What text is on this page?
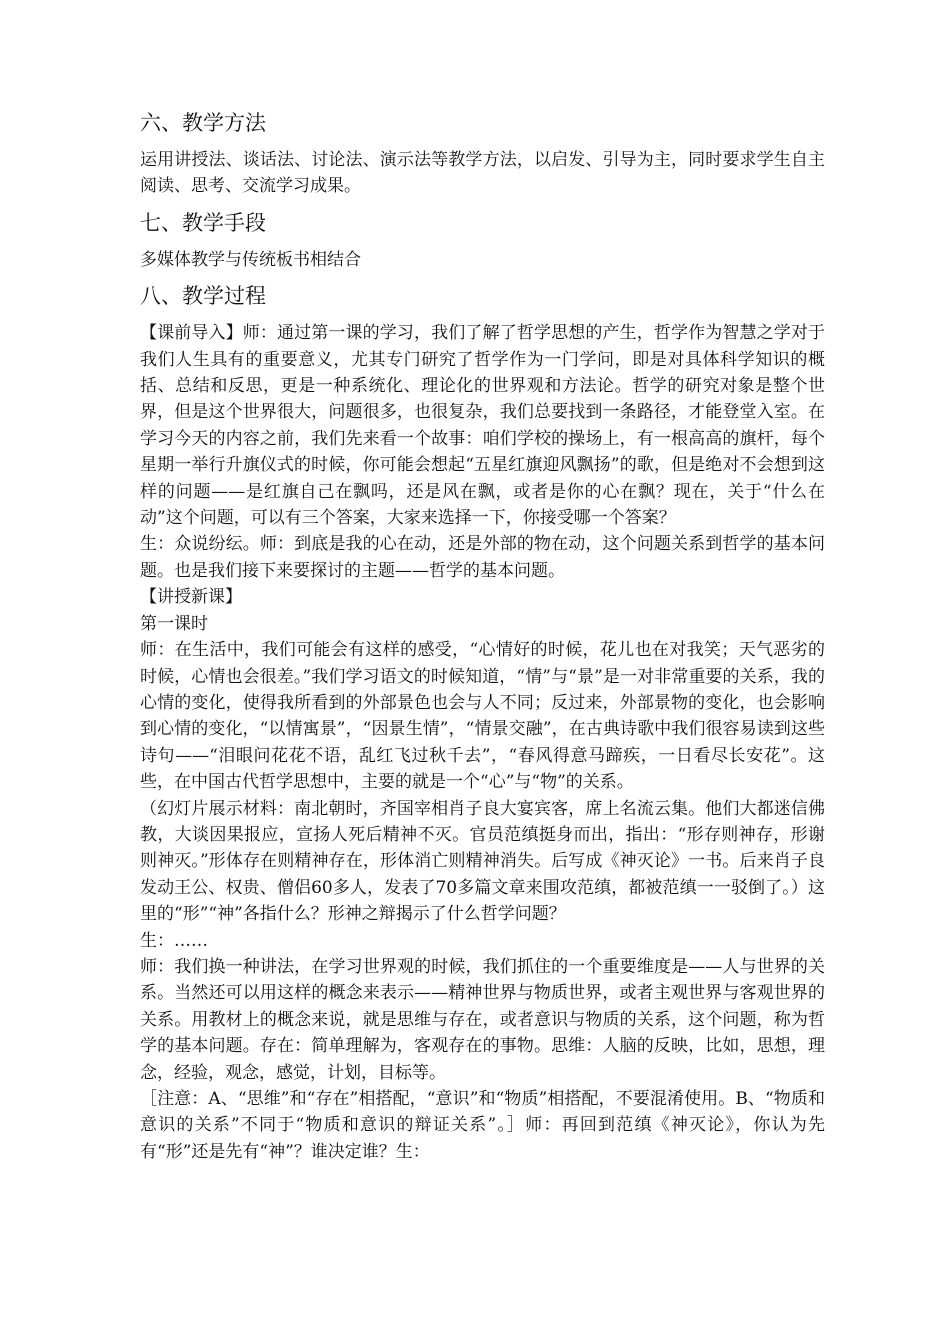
六、教学方法

运用讲授法、谈话法、讨论法、演示法等教学方法，以启发、引导为主，同时要求学生自主阅读、思考、交流学习成果。

七、教学手段

多媒体教学与传统板书相结合

八、教学过程

【课前导入】师：通过第一课的学习，我们了解了哲学思想的产生，哲学作为智慧之学对于我们人生具有的重要意义，尤其专门研究了哲学作为一门学问，即是对具体科学知识的概括、总结和反思，更是一种系统化、理论化的世界观和方法论。哲学的研究对象是整个世界，但是这个世界很大，问题很多，也很复杂，我们总要找到一条路径，才能登堂入室。在学习今天的内容之前，我们先来看一个故事：咱们学校的操场上，有一根高高的旗杆，每个星期一举行升旗仪式的时候，你可能会想起“五星红旗迎风飘扬”的歌，但是绝对不会想到这样的问题——是红旗自己在飘吗，还是风在飘，或者是你的心在飘？现在，关于“什么在动”这个问题，可以有三个答案，大家来选择一下，你接受哪一个答案？

生：众说纷纭。师：到底是我的心在动，还是外部的物在动，这个问题关系到哲学的基本问题。也是我们接下来要探讨的主题——哲学的基本问题。

【讲授新课】

第一课时

师：在生活中，我们可能会有这样的感受，“心情好的时候，花儿也在对我笑；天气恶劣的时候，心情也会很差。”我们学习语文的时候知道，“情”与“景”是一对非常重要的关系，我的心情的变化，使得我所看到的外部景色也会与人不同；反过来，外部景物的变化，也会影响到心情的变化，“以情寓景”，“因景生情”，“情景交融”，在古典诗歌中我们很容易读到这些诗句——“泪眼问花花不语，乱红飞过秋千去”，“春风得意马蹄疾，一日看尽长安花”。这些，在中国古代哲学思想中，主要的就是一个“心”与“物”的关系。

（幻灯片展示材料：南北朝时，齐国宰相肖子良大宴宾客，席上名流云集。他们大都迷信佛教，大谈因果报应，宣扬人死后精神不灭。官员范缜挺身而出，指出：“形存则神存，形谢则神灭。”形体存在则精神存在，形体消亡则精神消失。后写成《神灭论》一书。后来肖子良发动王公、权贵、僧侣60多人，发表了70多篇文章来围攻范缜，都被范缜一一驳倒了。）这里的“形”“神”各指什么？形神之辩揭示了什么哲学问题？

生：……

师：我们换一种讲法，在学习世界观的时候，我们抓住的一个重要维度是——人与世界的关系。当然还可以用这样的概念来表示——精神世界与物质世界，或者主观世界与客观世界的关系。用教材上的概念来说，就是思维与存在，或者意识与物质的关系，这个问题，称为哲学的基本问题。存在：简单理解为，客观存在的事物。思维：人脑的反映，比如，思想，理念，经验，观念，感觉，计划，目标等。

［注意：A、“思维”和“存在”相搭配，“意识”和“物质”相搭配，不要混淆使用。B、“物质和意识的关系”不同于“物质和意识的辩证关系”。］师：再回到范缜《神灭论》，你认为先有“形”还是先有“神”？谁决定谁？生：
